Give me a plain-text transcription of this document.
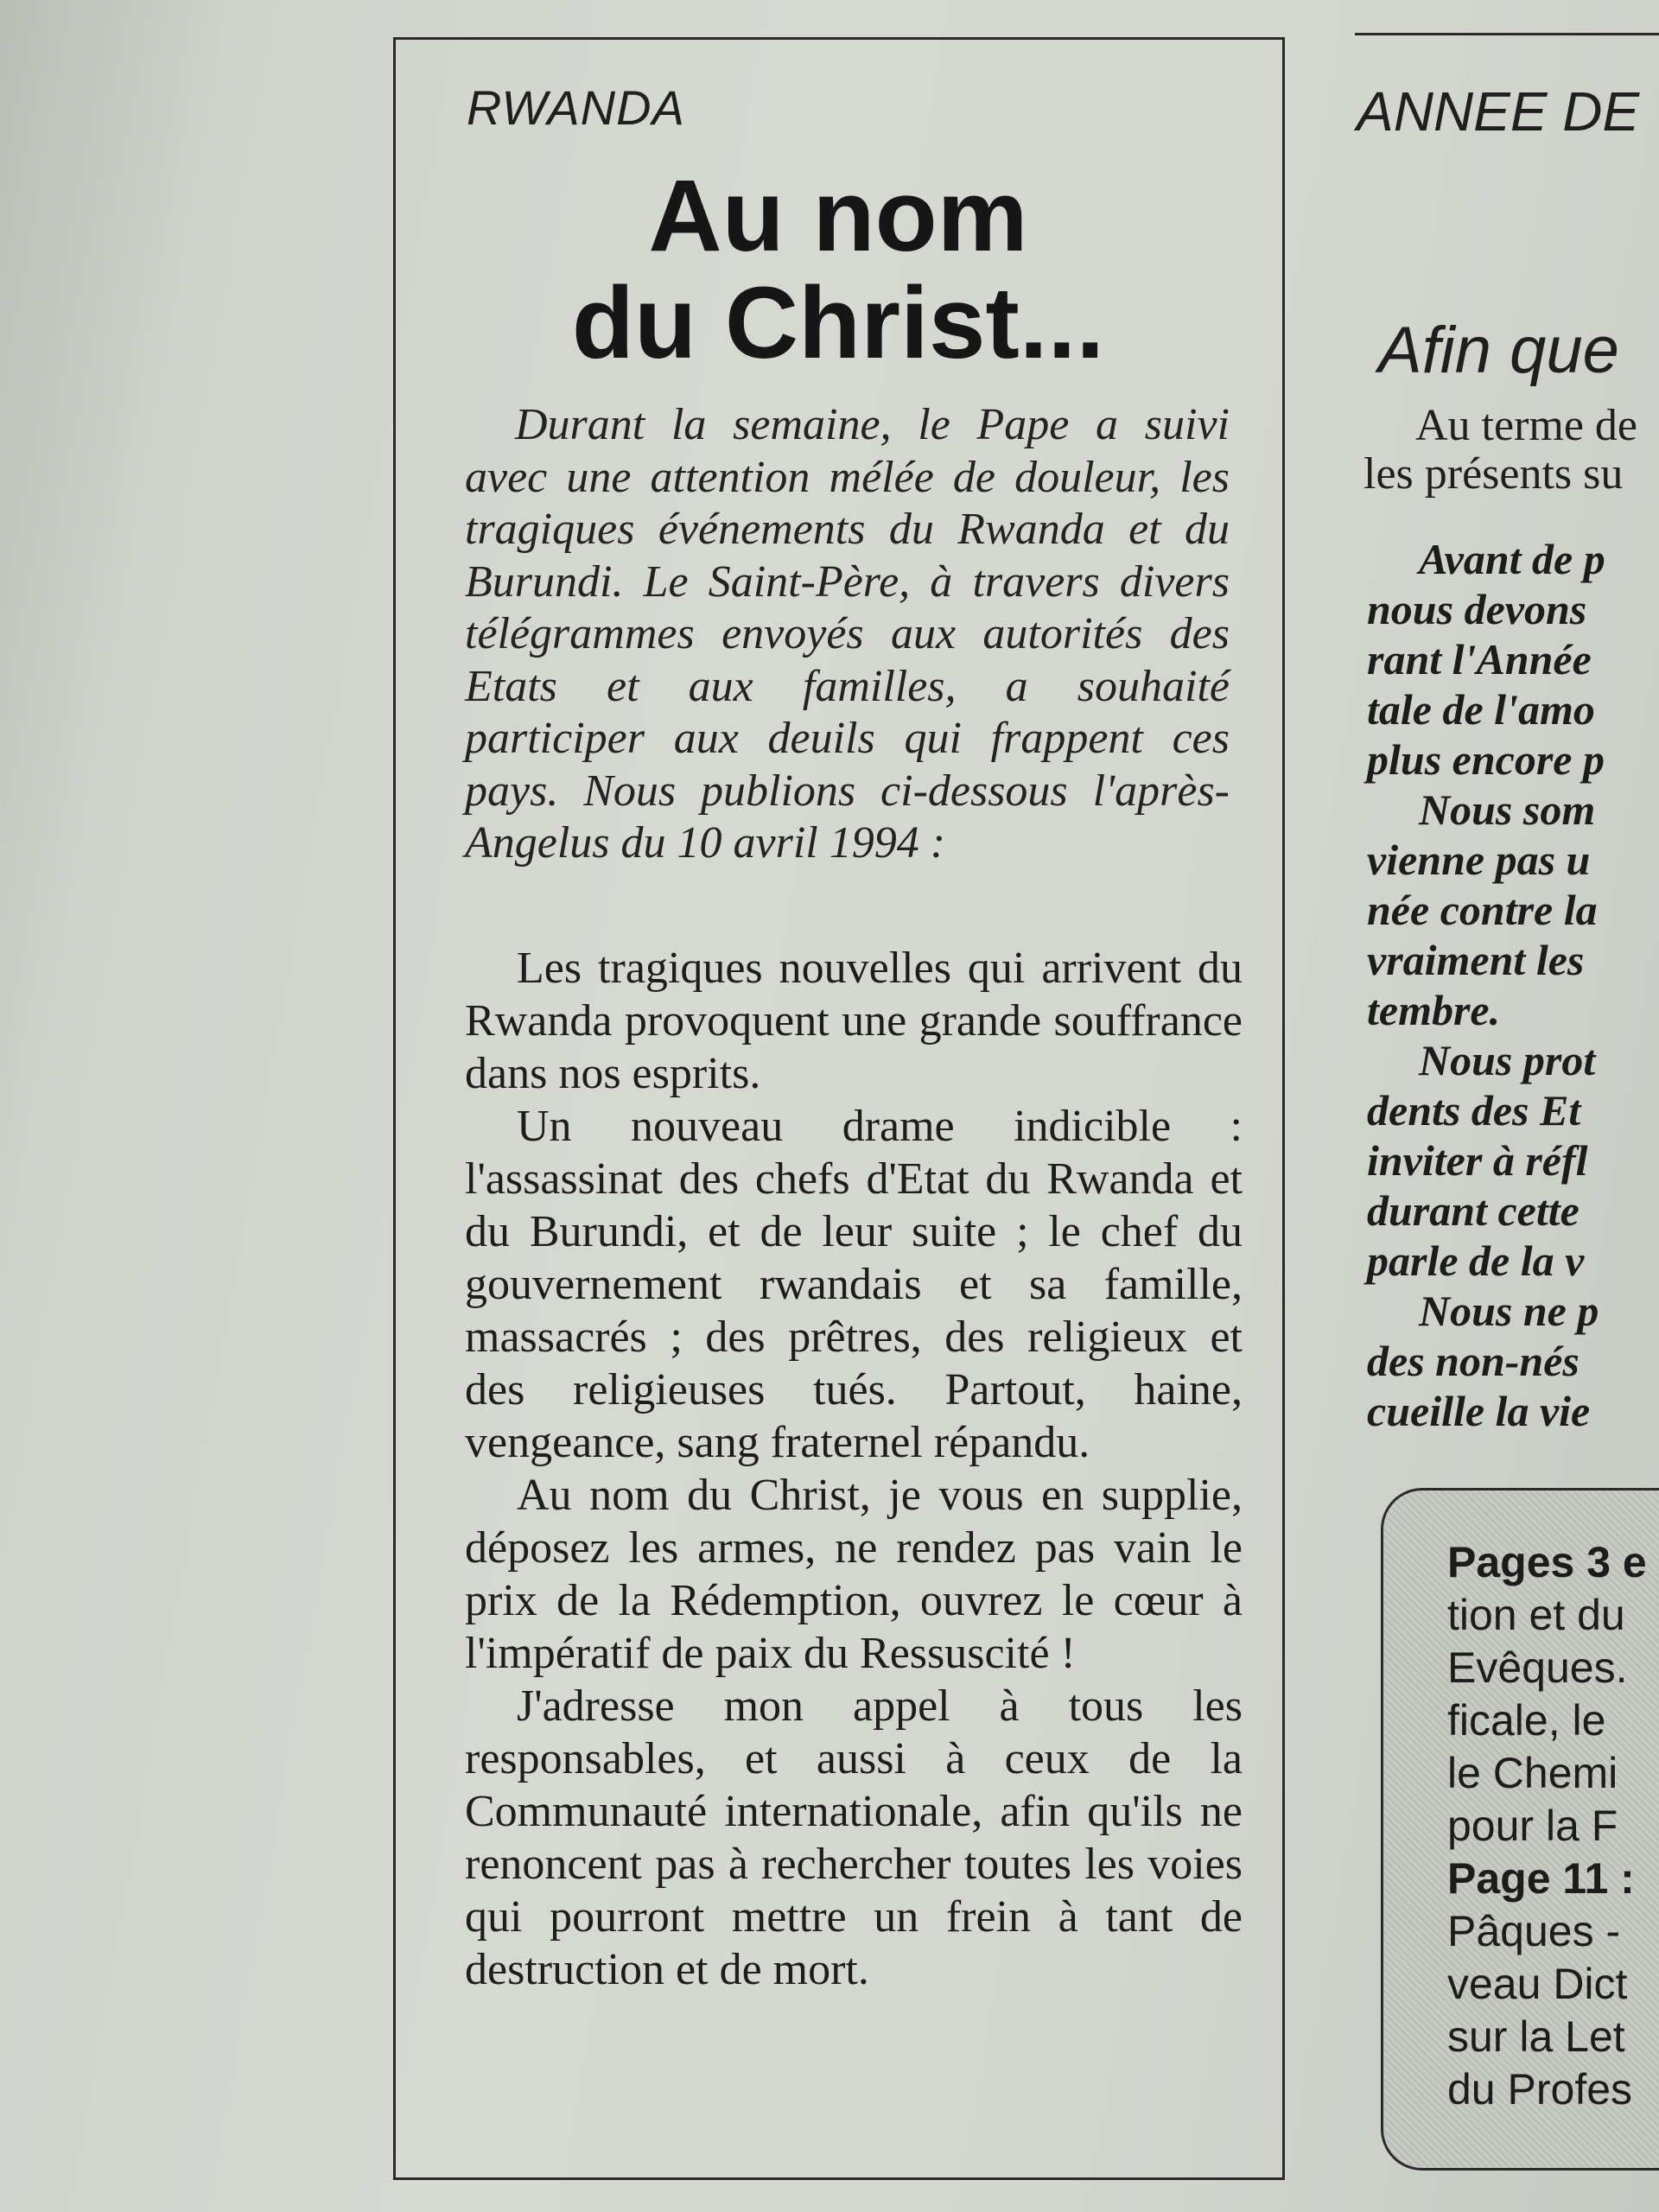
RWANDA
Au nom
du Christ...

Durant la semaine, le Pape a suivi avec une attention mélée de douleur, les tragiques événements du Rwanda et du Burundi. Le Saint-Père, à travers divers télégrammes envoyés aux autorités des Etats et aux familles, a souhaité participer aux deuils qui frappent ces pays. Nous publions ci-dessous l'après-Angelus du 10 avril 1994 :

Les tragiques nouvelles qui arrivent du Rwanda provoquent une grande souffrance dans nos esprits.

Un nouveau drame indicible : l'assassinat des chefs d'Etat du Rwanda et du Burundi, et de leur suite ; le chef du gouvernement rwandais et sa famille, massacrés ; des prêtres, des religieux et des religieuses tués. Partout, haine, vengeance, sang fraternel répandu.

Au nom du Christ, je vous en supplie, déposez les armes, ne rendez pas vain le prix de la Rédemption, ouvrez le cœur à l'impératif de paix du Ressuscité !

J'adresse mon appel à tous les responsables, et aussi à ceux de la Communauté internationale, afin qu'ils ne renoncent pas à rechercher toutes les voies qui pourront mettre un frein à tant de destruction et de mort.

ANNEE DE
Afin que
Au terme de
les présents su
Avant de p
nous devons
rant l'Année
tale de l'amo
plus encore p
Nous som
vienne pas u
née contre la
vraiment les
tembre.
Nous prot
dents des Et
inviter à réfl
durant cette
parle de la v
Nous ne p
des non-nés
cueille la vie
Pages 3 e
tion et du
Evêques.
ficale, le
le Chemi
pour la F
Page 11 :
Pâques -
veau Dict
sur la Let
du Profes
